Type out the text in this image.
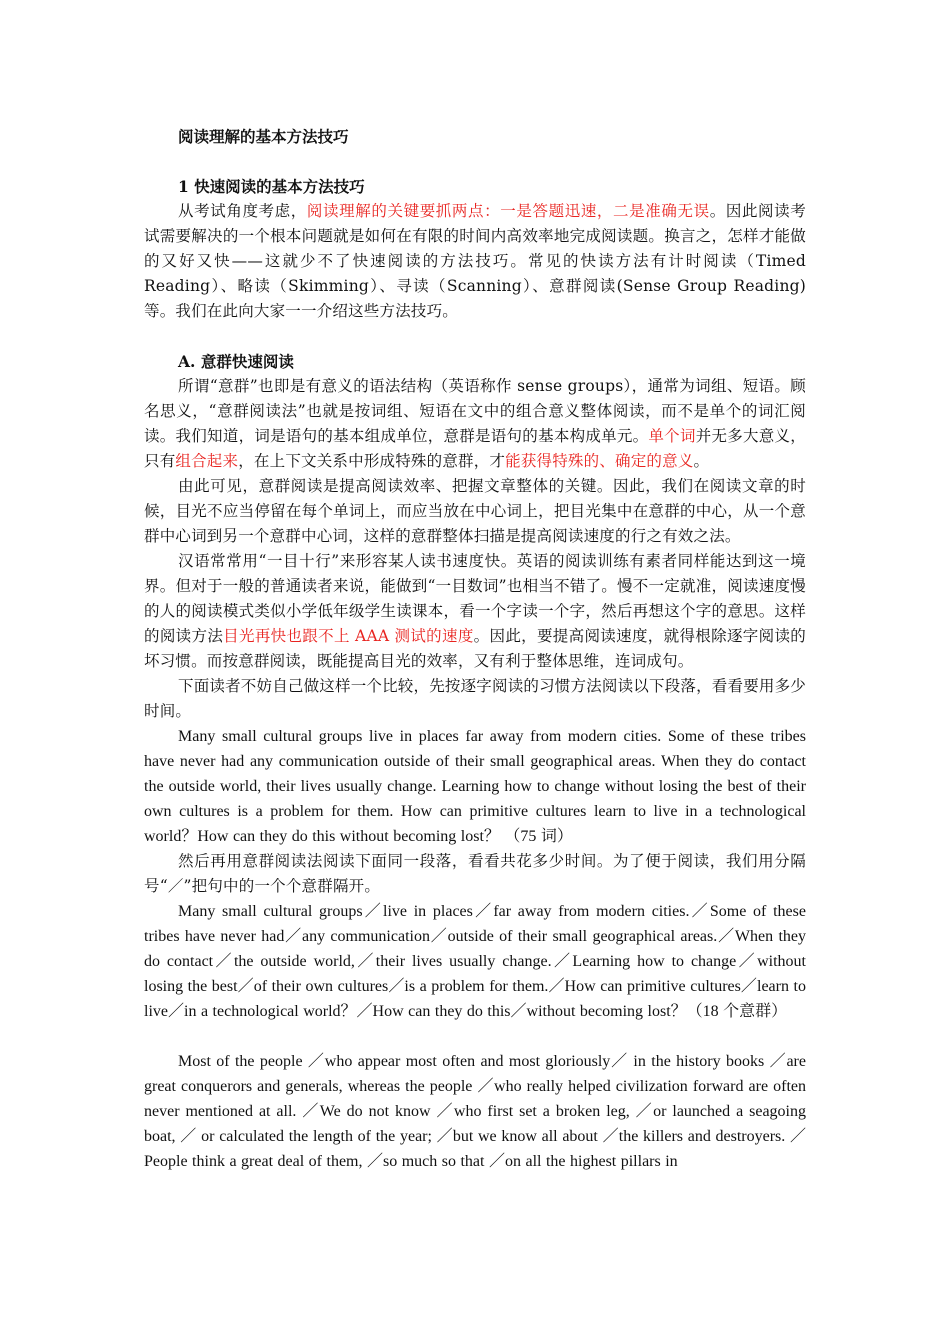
阅读理解的基本方法技巧
1 快速阅读的基本方法技巧

从考试角度考虑，阅读理解的关键要抓两点：一是答题迅速，二是准确无误。因此阅读考试需要解决的一个根本问题就是如何在有限的时间内高效率地完成阅读题。换言之，怎样才能做的又好又快——这就少不了快速阅读的方法技巧。常见的快读方法有计时阅读（Timed Reading）、略读（Skimming）、寻读（Scanning）、意群阅读(Sense Group Reading) 等。我们在此向大家一一介绍这些方法技巧。

A. 意群快速阅读

所谓“意群”也即是有意义的语法结构（英语称作 sense groups），通常为词组、短语。顾名思义，“意群阅读法”也就是按词组、短语在文中的组合意义整体阅读，而不是单个的词汇阅读。我们知道，词是语句的基本组成单位，意群是语句的基本构成单元。单个词并无多大意义，只有组合起来，在上下文关系中形成特殊的意群，才能获得特殊的、确定的意义。

由此可见，意群阅读是提高阅读效率、把握文章整体的关键。因此，我们在阅读文章的时候，目光不应当停留在每个单词上，而应当放在中心词上，把目光集中在意群的中心，从一个意群中心词到另一个意群中心词，这样的意群整体扫描是提高阅读速度的行之有效之法。

汉语常常用“一目十行”来形容某人读书速度快。英语的阅读训练有素者同样能达到这一境界。但对于一般的普通读者来说，能做到“一目数词”也相当不错了。慢不一定就准，阅读速度慢的人的阅读模式类似小学低年级学生读课本，看一个字读一个字，然后再想这个字的意思。这样的阅读方法目光再快也跟不上 AAA 测试的速度。因此，要提高阅读速度，就得根除逐字阅读的坏习惯。而按意群阅读，既能提高目光的效率，又有利于整体思维，连词成句。

下面读者不妨自己做这样一个比较，先按逐字阅读的习惯方法阅读以下段落，看看要用多少时间。

Many small cultural groups live in places far away from modern cities. Some of these tribes have never had any communication outside of their small geographical areas. When they do contact the outside world, their lives usually change. Learning how to change without losing the best of their own cultures is a problem for them. How can primitive cultures learn to live in a technological world？How can they do this without becoming lost？ （75 词）

然后再用意群阅读法阅读下面同一段落，看看共花多少时间。为了便于阅读，我们用分隔号“／”把句中的一个个意群隔开。

Many small cultural groups／live in places／far away from modern cities.／Some of these tribes have never had／any communication／outside of their small geographical areas.／When they do contact／the outside world,／their lives usually change.／Learning how to change／without losing the best／of their own cultures／is a problem for them.／How can primitive cultures／learn to live／in a technological world？／How can they do this／without becoming lost？（18 个意群）

Most of the people ／who appear most often and most gloriously／ in the history books ／are great conquerors and generals, whereas the people ／who really helped civilization forward are often never mentioned at all. ／We do not know ／who first set a broken leg, ／or launched a seagoing boat, ／ or calculated the length of the year; ／but we know all about ／the killers and destroyers. ／People think a great deal of them, ／so much so that ／on all the highest pillars in
